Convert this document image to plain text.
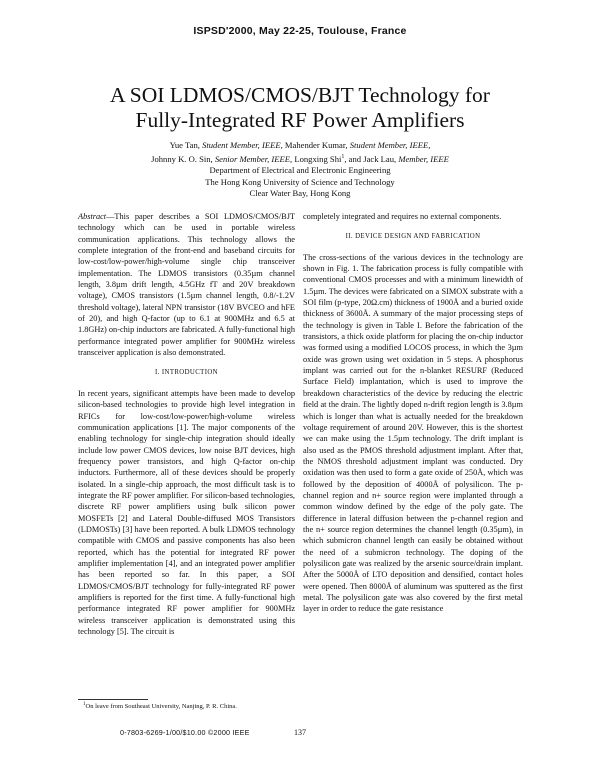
ISPSD'2000, May 22-25, Toulouse, France
A SOI LDMOS/CMOS/BJT Technology for
Fully-Integrated RF Power Amplifiers
Yue Tan, Student Member, IEEE, Mahender Kumar, Student Member, IEEE,
Johnny K. O. Sin, Senior Member, IEEE, Longxing Shi$^1$, and Jack Lau, Member, IEEE
Department of Electrical and Electronic Engineering
The Hong Kong University of Science and Technology
Clear Water Bay, Hong Kong

Abstract—This paper describes a SOI LDMOS/CMOS/BJT technology which can be used in portable wireless communication applications. This technology allows the complete integration of the front-end and baseband circuits for low-cost/low-power/high-volume single chip transceiver implementation. The LDMOS transistors (0.35µm channel length, 3.8µm drift length, 4.5GHz fT and 20V breakdown voltage), CMOS transistors (1.5µm channel length, 0.8/-1.2V threshold voltage), lateral NPN transistor (18V BVCEO and hFE of 20), and high Q-factor (up to 6.1 at 900MHz and 6.5 at 1.8GHz) on-chip inductors are fabricated. A fully-functional high performance integrated power amplifier for 900MHz wireless transceiver application is also demonstrated.

I. INTRODUCTION

In recent years, significant attempts have been made to develop silicon-based technologies to provide high level integration in RFICs for low-cost/low-power/high-volume wireless communication applications [1]. The major components of the enabling technology for single-chip integration should ideally include low power CMOS devices, low noise BJT devices, high frequency power transistors, and high Q-factor on-chip inductors. Furthermore, all of these devices should be properly isolated. In a single-chip approach, the most difficult task is to integrate the RF power amplifier. For silicon-based technologies, discrete RF power amplifiers using bulk silicon power MOSFETs [2] and Lateral Double-diffused MOS Transistors (LDMOSTs) [3] have been reported. A bulk LDMOS technology compatible with CMOS and passive components has also been reported, which has the potential for integrated RF power amplifier implementation [4], and an integrated power amplifier has been reported so far. In this paper, a SOI LDMOS/CMOS/BJT technology for fully-integrated RF power amplifiers is reported for the first time. A fully-functional high performance integrated RF power amplifier for 900MHz wireless transceiver application is demonstrated using this technology [5]. The circuit is

completely integrated and requires no external components.

II. DEVICE DESIGN AND FABRICATION

The cross-sections of the various devices in the technology are shown in Fig. 1. The fabrication process is fully compatible with conventional CMOS processes and with a minimum linewidth of 1.5µm. The devices were fabricated on a SIMOX substrate with a SOI film (p-type, 20Ω.cm) thickness of 1900Å and a buried oxide thickness of 3600Å. A summary of the major processing steps of the technology is given in Table I. Before the fabrication of the transistors, a thick oxide platform for placing the on-chip inductor was formed using a modified LOCOS process, in which the 3µm oxide was grown using wet oxidation in 5 steps. A phosphorus implant was carried out for the n-blanket RESURF (Reduced Surface Field) implantation, which is used to improve the breakdown characteristics of the device by reducing the electric field at the drain. The lightly doped n-drift region length is 3.8µm which is longer than what is actually needed for the breakdown voltage requirement of around 20V. However, this is the shortest we can make using the 1.5µm technology. The drift implant is also used as the PMOS threshold adjustment implant. After that, the NMOS threshold adjustment implant was conducted. Dry oxidation was then used to form a gate oxide of 250Å, which was followed by the deposition of 4000Å of polysilicon. The p-channel region and n+ source region were implanted through a common window defined by the edge of the poly gate. The difference in lateral diffusion between the p-channel region and the n+ source region determines the channel length (0.35µm), in which submicron channel length can easily be obtained without the need of a submicron technology. The doping of the polysilicon gate was realized by the arsenic source/drain implant. After the 5000Å of LTO deposition and densified, contact holes were opened. Then 8000Å of aluminum was sputtered as the first metal. The polysilicon gate was also covered by the first metal layer in order to reduce the gate resistance

$^1$On leave from Southeast University, Nanjing, P. R. China.
0-7803-6269-1/00/$10.00 ©2000 IEEE	137
